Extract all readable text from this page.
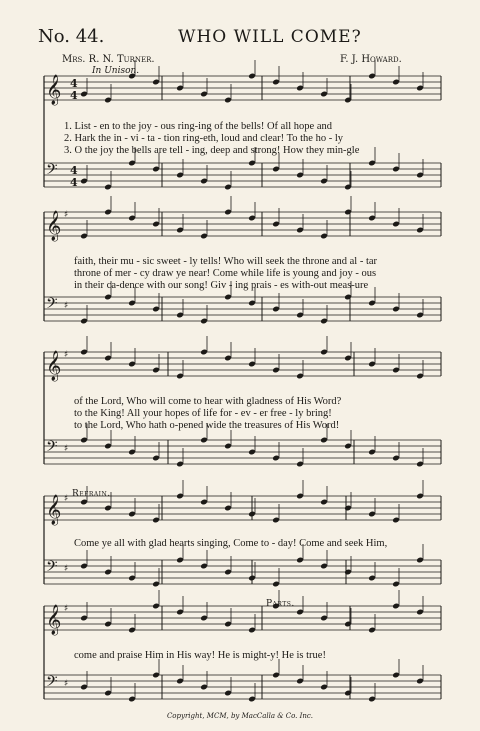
𝄞
𝄢
4
4
4
4
𝄞 ♯
𝄢 ♯
𝄞 ♯
𝄢 ♯
𝄞 ♯
𝄢 ♯
𝄞 ♯
𝄢 ♯
No. 44.	WHO WILL COME?
Mrs. R. N. Turner.	F. J. Howard.
In Unison.
Refrain.
Parts.
1. List - en to the joy - ous ring-ing of the bells! Of all hope and
2. Hark the in - vi - ta - tion ring-eth, loud and clear! To the ho - ly
3. O the joy the bells are tell - ing, deep and strong! How they min-gle
faith, their mu - sic sweet - ly tells! Who will seek the throne and al - tar
throne of mer - cy draw ye near! Come while life is young and joy - ous
in their ca-dence with our song! Giv - ing prais - es with-out meas-ure
of the Lord, Who will come to hear with gladness of His Word?
to the King! All your hopes of life for - ev - er free - ly bring!
to the Lord, Who hath o-pened wide the treasures of His Word!
Come ye all with glad hearts singing, Come to - day! Come and seek Him,
come and praise Him in His way! He is might-y! He is true!
Copyright, MCM, by MacCalla & Co. Inc.
